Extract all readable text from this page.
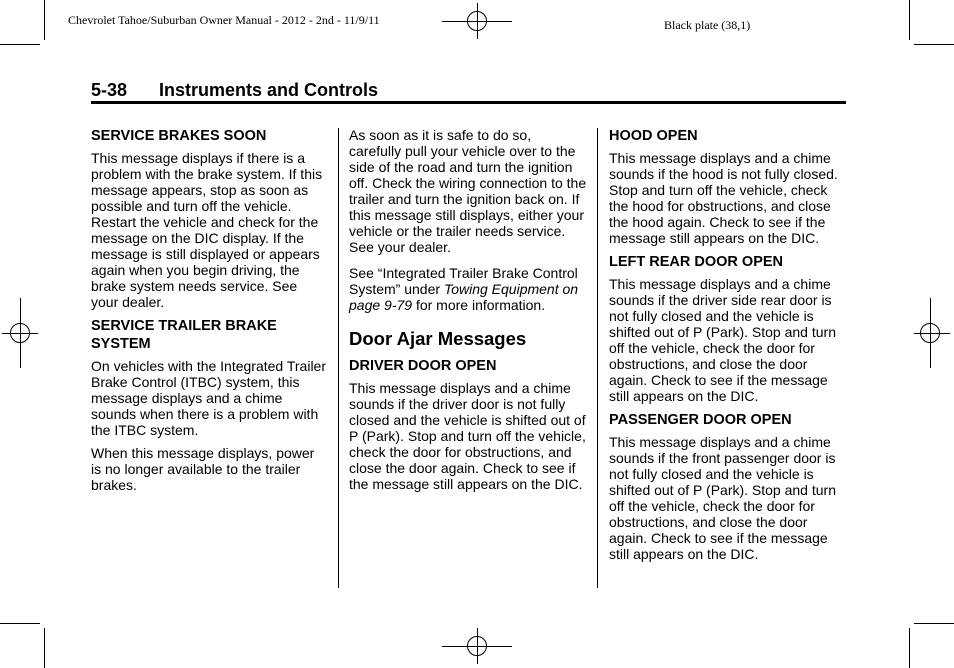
Chevrolet Tahoe/Suburban Owner Manual - 2012 - 2nd - 11/9/11	Black plate (38,1)
5-38 Instruments and Controls
SERVICE BRAKES SOON

This message displays if there is a problem with the brake system. If this message appears, stop as soon as possible and turn off the vehicle. Restart the vehicle and check for the message on the DIC display. If the message is still displayed or appears again when you begin driving, the brake system needs service. See your dealer.

SERVICE TRAILER BRAKE SYSTEM

On vehicles with the Integrated Trailer Brake Control (ITBC) system, this message displays and a chime sounds when there is a problem with the ITBC system.

When this message displays, power is no longer available to the trailer brakes.

As soon as it is safe to do so, carefully pull your vehicle over to the side of the road and turn the ignition off. Check the wiring connection to the trailer and turn the ignition back on. If this message still displays, either your vehicle or the trailer needs service. See your dealer.

See “Integrated Trailer Brake Control System” under Towing Equipment on page 9-79 for more information.

Door Ajar Messages
DRIVER DOOR OPEN

This message displays and a chime sounds if the driver door is not fully closed and the vehicle is shifted out of P (Park). Stop and turn off the vehicle, check the door for obstructions, and close the door again. Check to see if the message still appears on the DIC.

HOOD OPEN

This message displays and a chime sounds if the hood is not fully closed. Stop and turn off the vehicle, check the hood for obstructions, and close the hood again. Check to see if the message still appears on the DIC.

LEFT REAR DOOR OPEN

This message displays and a chime sounds if the driver side rear door is not fully closed and the vehicle is shifted out of P (Park). Stop and turn off the vehicle, check the door for obstructions, and close the door again. Check to see if the message still appears on the DIC.

PASSENGER DOOR OPEN

This message displays and a chime sounds if the front passenger door is not fully closed and the vehicle is shifted out of P (Park). Stop and turn off the vehicle, check the door for obstructions, and close the door again. Check to see if the message still appears on the DIC.
